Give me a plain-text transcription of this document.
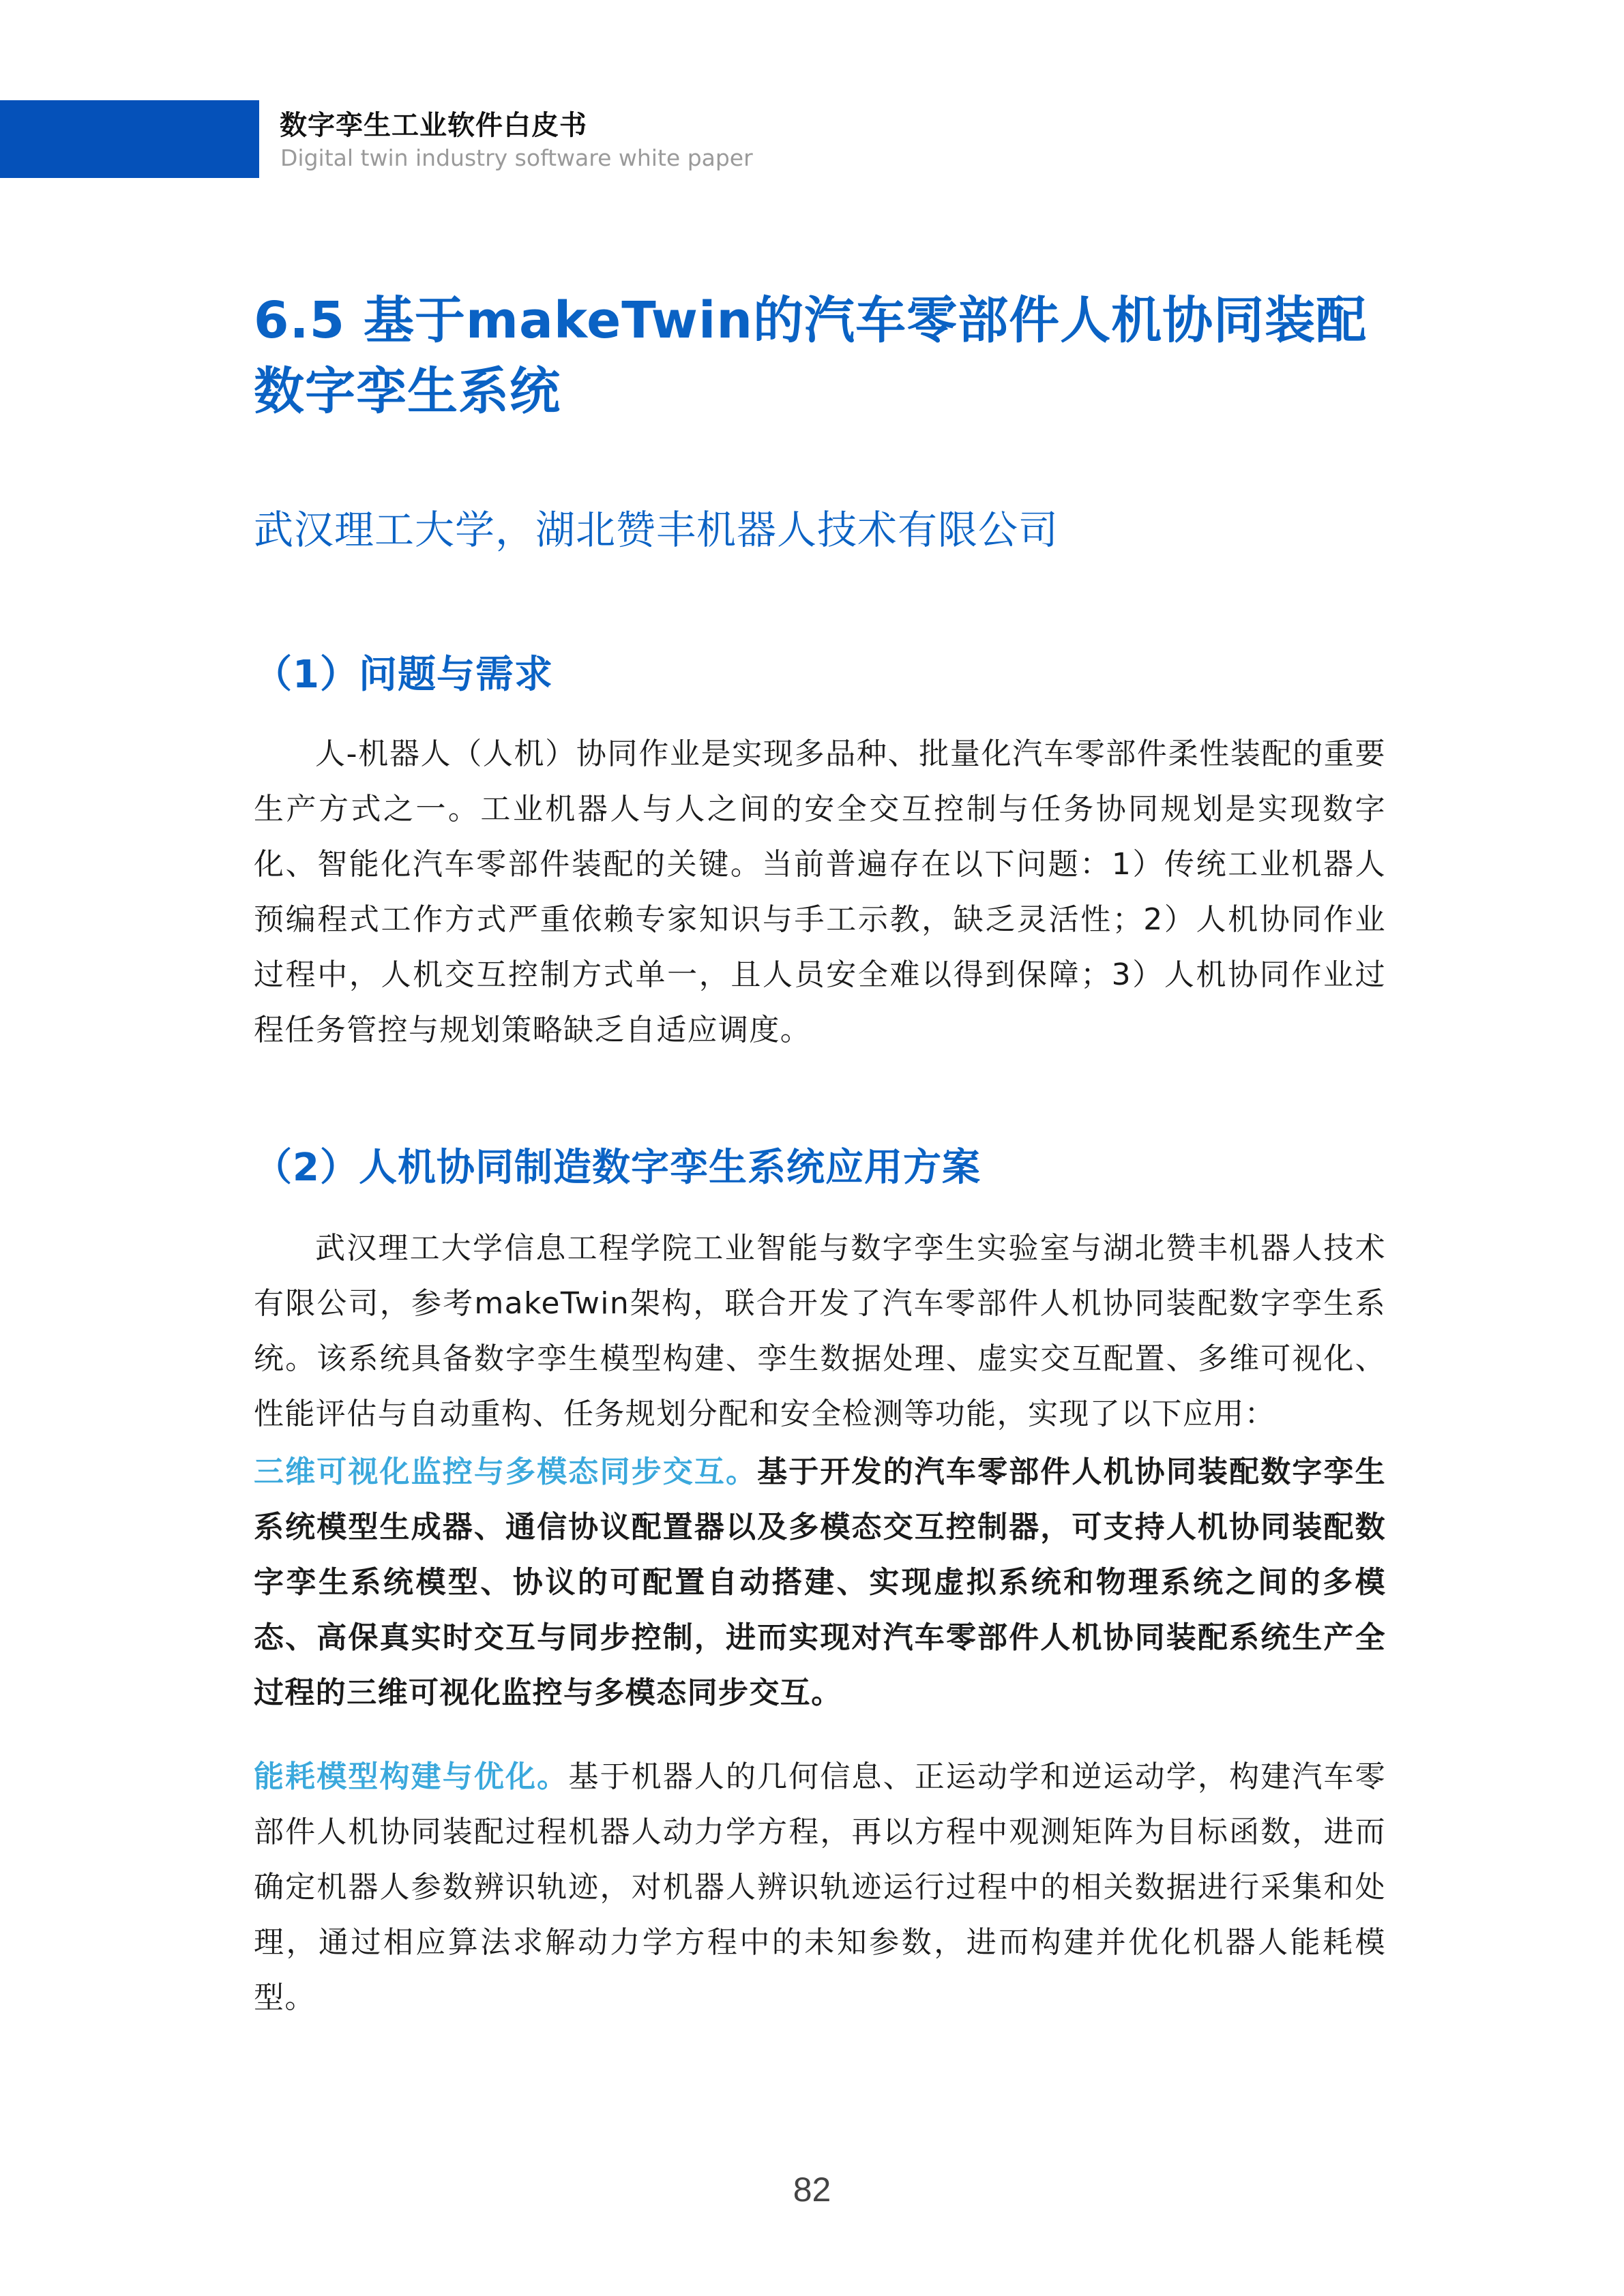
数字孪生工业软件白皮书
Digital twin industry software white paper
6.5 基于makeTwin的汽车零部件人机协同装配数字孪生系统
武汉理工大学，湖北赞丰机器人技术有限公司
（1）问题与需求

人-机器人（人机）协同作业是实现多品种、批量化汽车零部件柔性装配的重要生产方式之一。工业机器人与人之间的安全交互控制与任务协同规划是实现数字化、智能化汽车零部件装配的关键。当前普遍存在以下问题：1）传统工业机器人预编程式工作方式严重依赖专家知识与手工示教，缺乏灵活性；2）人机协同作业过程中，人机交互控制方式单一，且人员安全难以得到保障；3）人机协同作业过程任务管控与规划策略缺乏自适应调度。

（2）人机协同制造数字孪生系统应用方案

武汉理工大学信息工程学院工业智能与数字孪生实验室与湖北赞丰机器人技术有限公司，参考makeTwin架构，联合开发了汽车零部件人机协同装配数字孪生系统。该系统具备数字孪生模型构建、孪生数据处理、虚实交互配置、多维可视化、性能评估与自动重构、任务规划分配和安全检测等功能，实现了以下应用：

三维可视化监控与多模态同步交互。基于开发的汽车零部件人机协同装配数字孪生系统模型生成器、通信协议配置器以及多模态交互控制器，可支持人机协同装配数字孪生系统模型、协议的可配置自动搭建、实现虚拟系统和物理系统之间的多模态、高保真实时交互与同步控制，进而实现对汽车零部件人机协同装配系统生产全过程的三维可视化监控与多模态同步交互。

能耗模型构建与优化。基于机器人的几何信息、正运动学和逆运动学，构建汽车零部件人机协同装配过程机器人动力学方程，再以方程中观测矩阵为目标函数，进而确定机器人参数辨识轨迹，对机器人辨识轨迹运行过程中的相关数据进行采集和处理，通过相应算法求解动力学方程中的未知参数，进而构建并优化机器人能耗模型。

82
